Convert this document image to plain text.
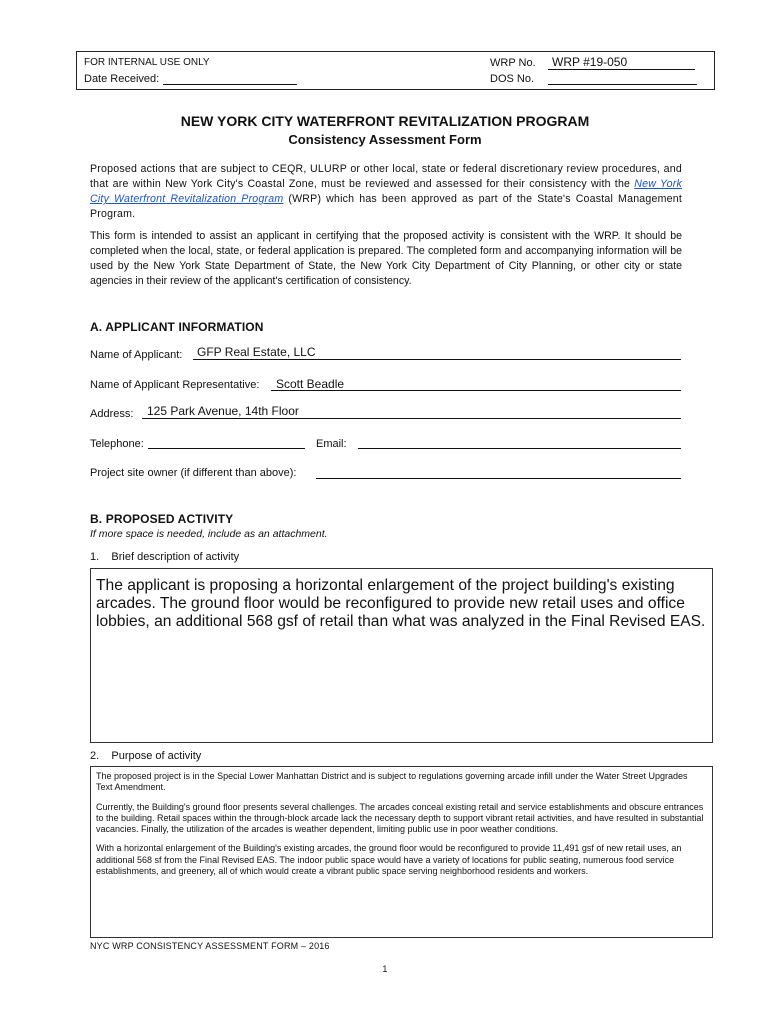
FOR INTERNAL USE ONLY
Date Received:
WRP No. WRP #19-050
DOS No.
NEW YORK CITY WATERFRONT REVITALIZATION PROGRAM
Consistency Assessment Form
Proposed actions that are subject to CEQR, ULURP or other local, state or federal discretionary review procedures, and that are within New York City's Coastal Zone, must be reviewed and assessed for their consistency with the New York City Waterfront Revitalization Program (WRP) which has been approved as part of the State's Coastal Management Program.
This form is intended to assist an applicant in certifying that the proposed activity is consistent with the WRP. It should be completed when the local, state, or federal application is prepared. The completed form and accompanying information will be used by the New York State Department of State, the New York City Department of City Planning, or other city or state agencies in their review of the applicant's certification of consistency.
A. APPLICANT INFORMATION
Name of Applicant: GFP Real Estate, LLC
Name of Applicant Representative: Scott Beadle
Address: 125 Park Avenue, 14th Floor
Telephone:	Email:
Project site owner (if different than above):
B. PROPOSED ACTIVITY
If more space is needed, include as an attachment.
1.    Brief description of activity
The applicant is proposing a horizontal enlargement of the project building's existing arcades. The ground floor would be reconfigured to provide new retail uses and office lobbies, an additional 568 gsf of retail than what was analyzed in the Final Revised EAS.
2.    Purpose of activity

The proposed project is in the Special Lower Manhattan District and is subject to regulations governing arcade infill under the Water Street Upgrades Text Amendment.

Currently, the Building's ground floor presents several challenges. The arcades conceal existing retail and service establishments and obscure entrances to the building. Retail spaces within the through-block arcade lack the necessary depth to support vibrant retail activities, and have resulted in substantial vacancies. Finally, the utilization of the arcades is weather dependent, limiting public use in poor weather conditions.

With a horizontal enlargement of the Building's existing arcades, the ground floor would be reconfigured to provide 11,491 gsf of new retail uses, an additional 568 sf from the Final Revised EAS. The indoor public space would have a variety of locations for public seating, numerous food service establishments, and greenery, all of which would create a vibrant public space serving neighborhood residents and workers.

NYC WRP CONSISTENCY ASSESSMENT FORM – 2016
1
